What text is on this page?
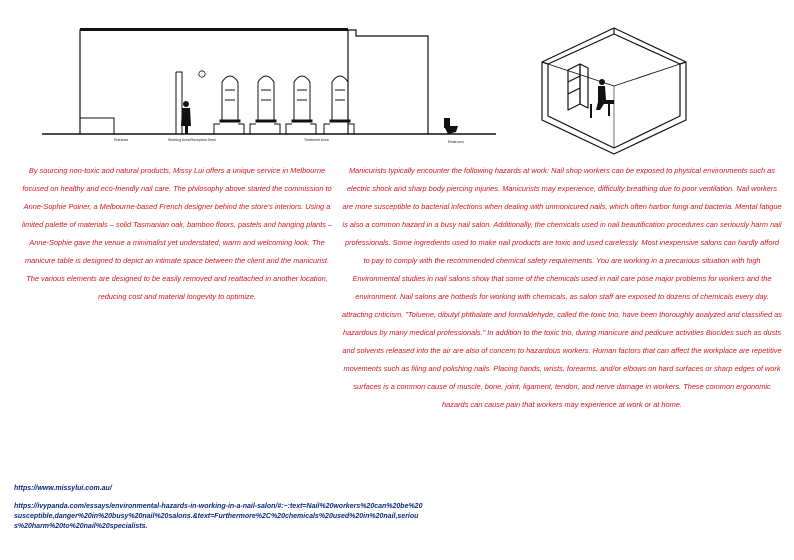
Entrance	Working Area/Reception Desk	Treatment Area	Restroom

By sourcing non-toxic and natural products, Missy Lui offers a unique service in Melbourne focused on healthy and eco-friendly nail care. The philosophy above started the commission to Anne-Sophie Poirier, a Melbourne-based French designer behind the store's interiors. Using a limited palette of materials – solid Tasmanian oak, bamboo floors, pastels and hanging plants – Anne-Sophie gave the venue a minimalist yet understated, warm and welcoming look. The manicure table is designed to depict an intimate space between the client and the manicurist. The various elements are designed to be easily removed and reattached in another location, reducing cost and material longevity to optimize.

Manicurists typically encounter the following hazards at work: Nail shop workers can be exposed to physical environments such as electric shock and sharp body piercing injuries. Manicurists may experience, difficulty breathing due to poor ventilation. Nail workers are more susceptible to bacterial infections when dealing with unmonicured nails, which often harbor fungi and bacteria. Mental fatigue is also a common hazard in a busy nail salon. Additionally, the chemicals used in nail beautification procedures can seriously harm nail professionals. Some ingredients used to make nail products are toxic and used carelessly. Most inexpensive salons can hardly afford to pay to comply with the recommended chemical safety requirements. You are working in a precarious situation with high Environmental studies in nail salons show that some of the chemicals used in nail care pose major problems for workers and the environment. Nail salons are hotbeds for working with chemicals, as salon staff are exposed to dozens of chemicals every day. attracting criticism. "Toluene, dibutyl phthalate and formaldehyde, called the toxic trio, have been thoroughly analyzed and classified as hazardous by many medical professionals." In addition to the toxic trio, during manicure and pedicure activities Biocides such as dusts and solvents released into the air are also of concern to hazardous workers. Human factors that can affect the workplace are repetitive movements such as filing and polishing nails. Placing hands, wrists, forearms, and/or elbows on hard surfaces or sharp edges of work surfaces is a common cause of muscle, bone, joint, ligament, tendon, and nerve damage in workers. These common ergonomic hazards can cause pain that workers may experience at work or at home.

https://www.missylui.com.au/
https://ivypanda.com/essays/environmental-hazards-in-working-in-a-nail-salon/#:~:text=Nail%20workers%20can%20be%20susceptible,danger%20in%20busy%20nail%20salons.&text=Furthermore%2C%20chemicals%20used%20in%20nail,serious%20harm%20to%20nail%20specialists.
